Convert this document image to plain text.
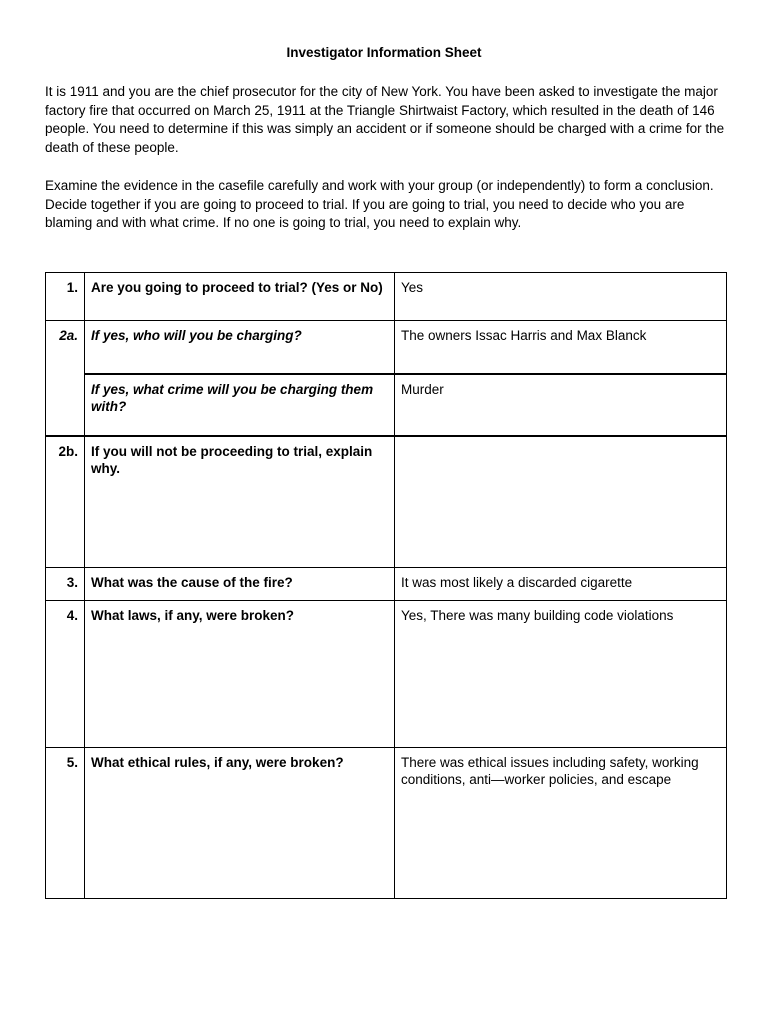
Investigator Information Sheet

It is 1911 and you are the chief prosecutor for the city of New York. You have been asked to investigate the major factory fire that occurred on March 25, 1911 at the Triangle Shirtwaist Factory, which resulted in the death of 146 people. You need to determine if this was simply an accident or if someone should be charged with a crime for the death of these people.

Examine the evidence in the casefile carefully and work with your group (or independently) to form a conclusion. Decide together if you are going to proceed to trial. If you are going to trial, you need to decide who you are blaming and with what crime. If no one is going to trial, you need to explain why.

1.	Are you going to proceed to trial? (Yes or No)	Yes
2a.	If yes, who will you be charging?	The owners Issac Harris and Max Blanck
	If yes, what crime will you be charging them with?	Murder
2b.	If you will not be proceeding to trial, explain why.	
3.	What was the cause of the fire?	It was most likely a discarded cigarette
4.	What laws, if any, were broken?	Yes, There was many building code violations
5.	What ethical rules, if any, were broken?	There was ethical issues including safety, working conditions, anti—worker policies, and escape
